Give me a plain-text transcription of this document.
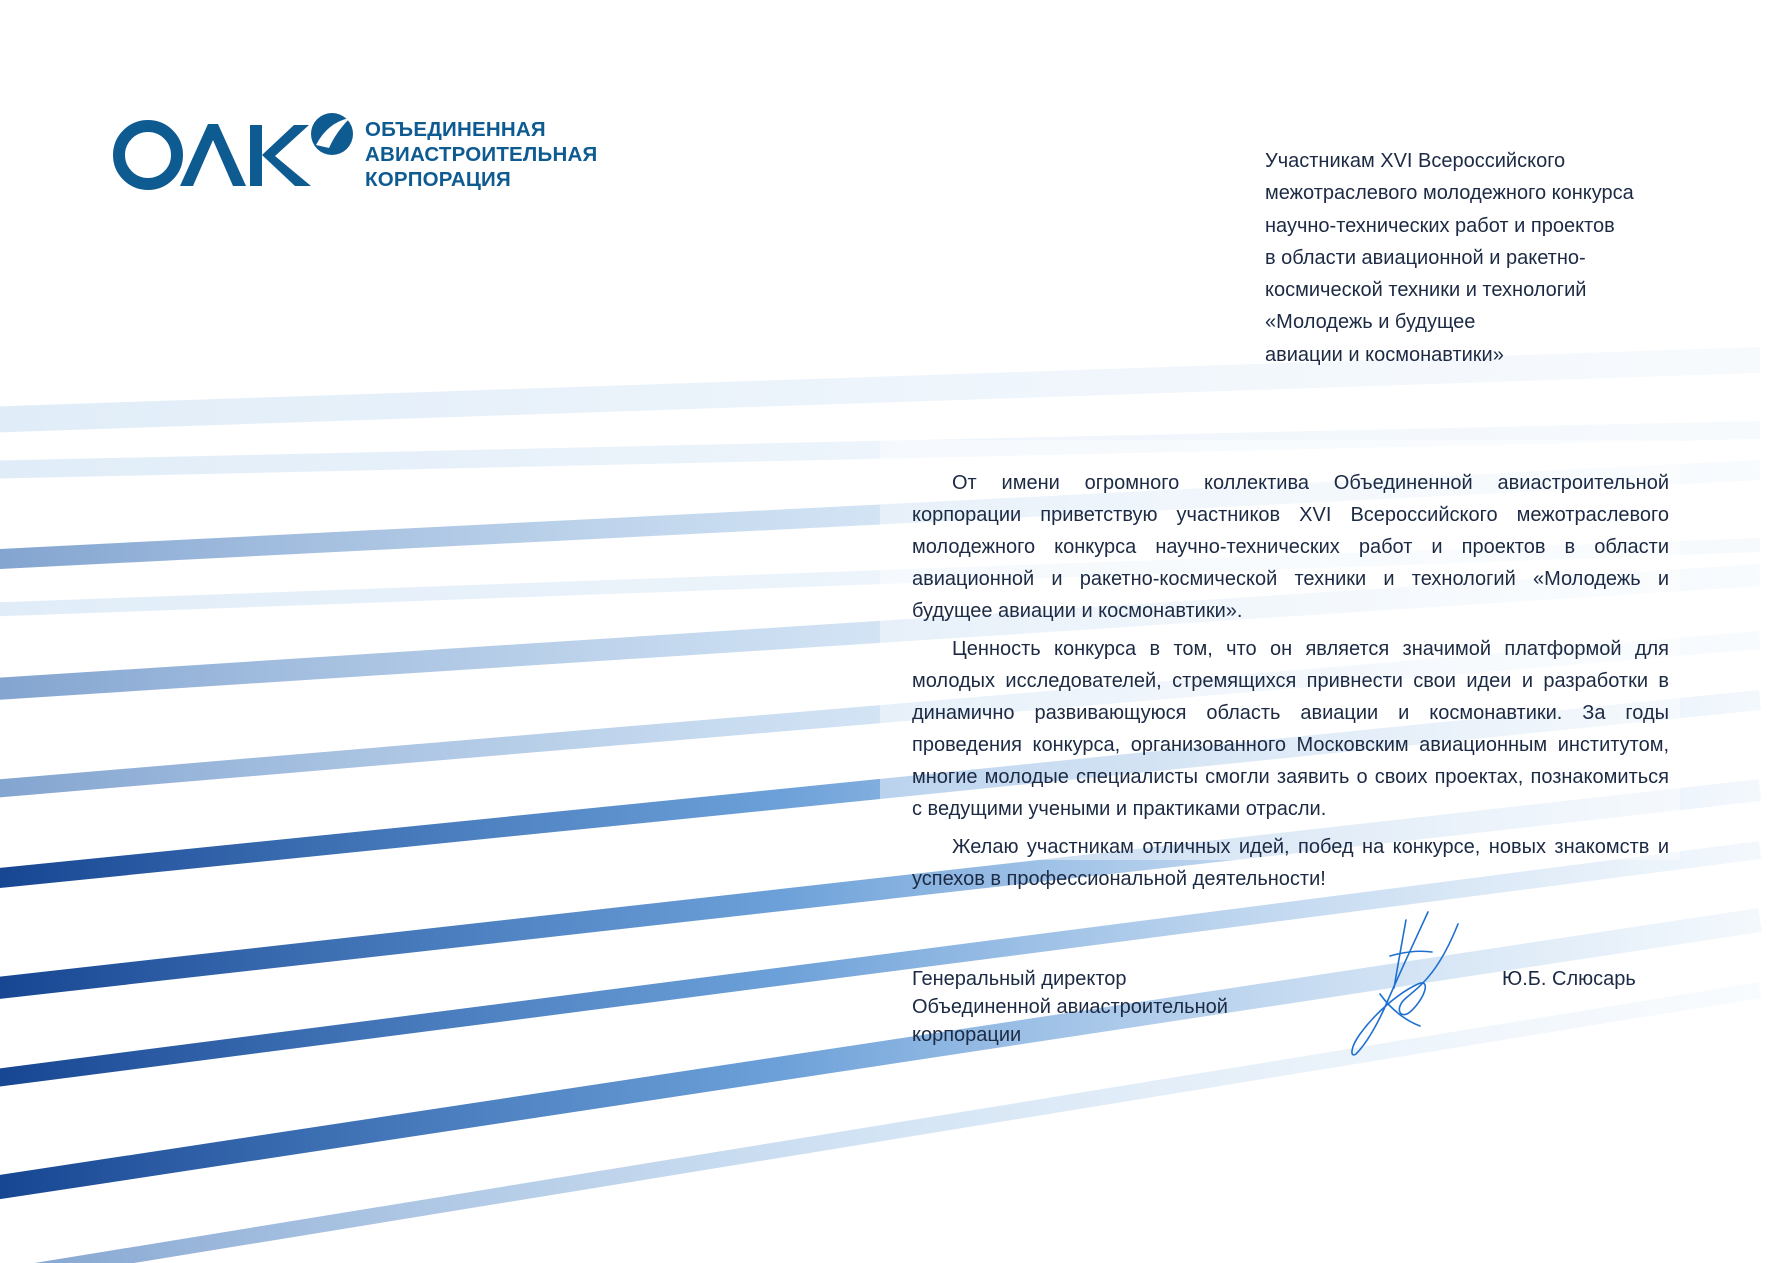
ОБЪЕДИНЕННАЯ
АВИАСТРОИТЕЛЬНАЯ
КОРПОРАЦИЯ
Участникам XVI Всероссийского
межотраслевого молодежного конкурса
научно-технических работ и проектов
в области авиационной и ракетно-
космической техники и технологий
«Молодежь и будущее
авиации и космонавтики»

От имени огромного коллектива Объединенной авиастроительной корпорации приветствую участников XVI Всероссийского межотраслевого молодежного конкурса научно-технических работ и проектов в области авиационной и ракетно-космической техники и технологий «Молодежь и будущее авиации и космонавтики».

Ценность конкурса в том, что он является значимой платформой для молодых исследователей, стремящихся привнести свои идеи и разработки в динамично развивающуюся область авиации и космонавтики. За годы проведения конкурса, организованного Московским авиационным институтом, многие молодые специалисты смогли заявить о своих проектах, познакомиться с ведущими учеными и практиками отрасли.

Желаю участникам отличных идей, побед на конкурсе, новых знакомств и успехов в профессиональной деятельности!

Генеральный директор
Объединенной авиастроительной
корпорации
Ю.Б. Слюсарь
